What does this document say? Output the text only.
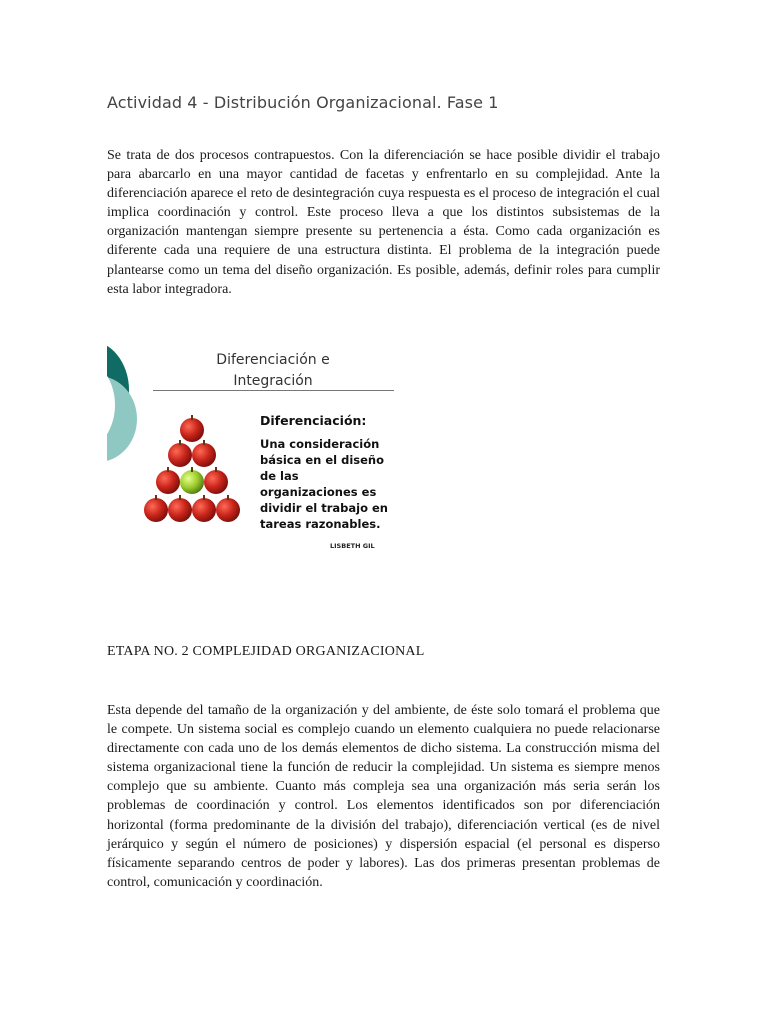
Actividad 4 - Distribución Organizacional. Fase 1

Se trata de dos procesos contrapuestos. Con la diferenciación se hace posible dividir el trabajo para abarcarlo en una mayor cantidad de facetas y enfrentarlo en su complejidad. Ante la diferenciación aparece el reto de desintegración cuya respuesta es el proceso de integración el cual implica coordinación y control. Este proceso lleva a que los distintos subsistemas de la organización mantengan siempre presente su pertenencia a ésta. Como cada organización es diferente cada una requiere de una estructura distinta. El problema de la integración puede plantearse como un tema del diseño organización. Es posible, además, definir roles para cumplir esta labor integradora.

Diferenciación e
Integración
Diferenciación:
Una consideración
básica en el diseño
de las
organizaciones es
dividir el trabajo en
tareas razonables.
LISBETH GIL
ETAPA NO. 2 COMPLEJIDAD ORGANIZACIONAL

Esta depende del tamaño de la organización y del ambiente, de éste solo tomará el problema que le compete. Un sistema social es complejo cuando un elemento cualquiera no puede relacionarse directamente con cada uno de los demás elementos de dicho sistema. La construcción misma del sistema organizacional tiene la función de reducir la complejidad. Un sistema es siempre menos complejo que su ambiente. Cuanto más compleja sea una organización más seria serán los problemas de coordinación y control. Los elementos identificados son por diferenciación horizontal (forma predominante de la división del trabajo), diferenciación vertical (es de nivel jerárquico y según el número de posiciones) y dispersión espacial (el personal es disperso físicamente separando centros de poder y labores). Las dos primeras presentan problemas de control, comunicación y coordinación.
